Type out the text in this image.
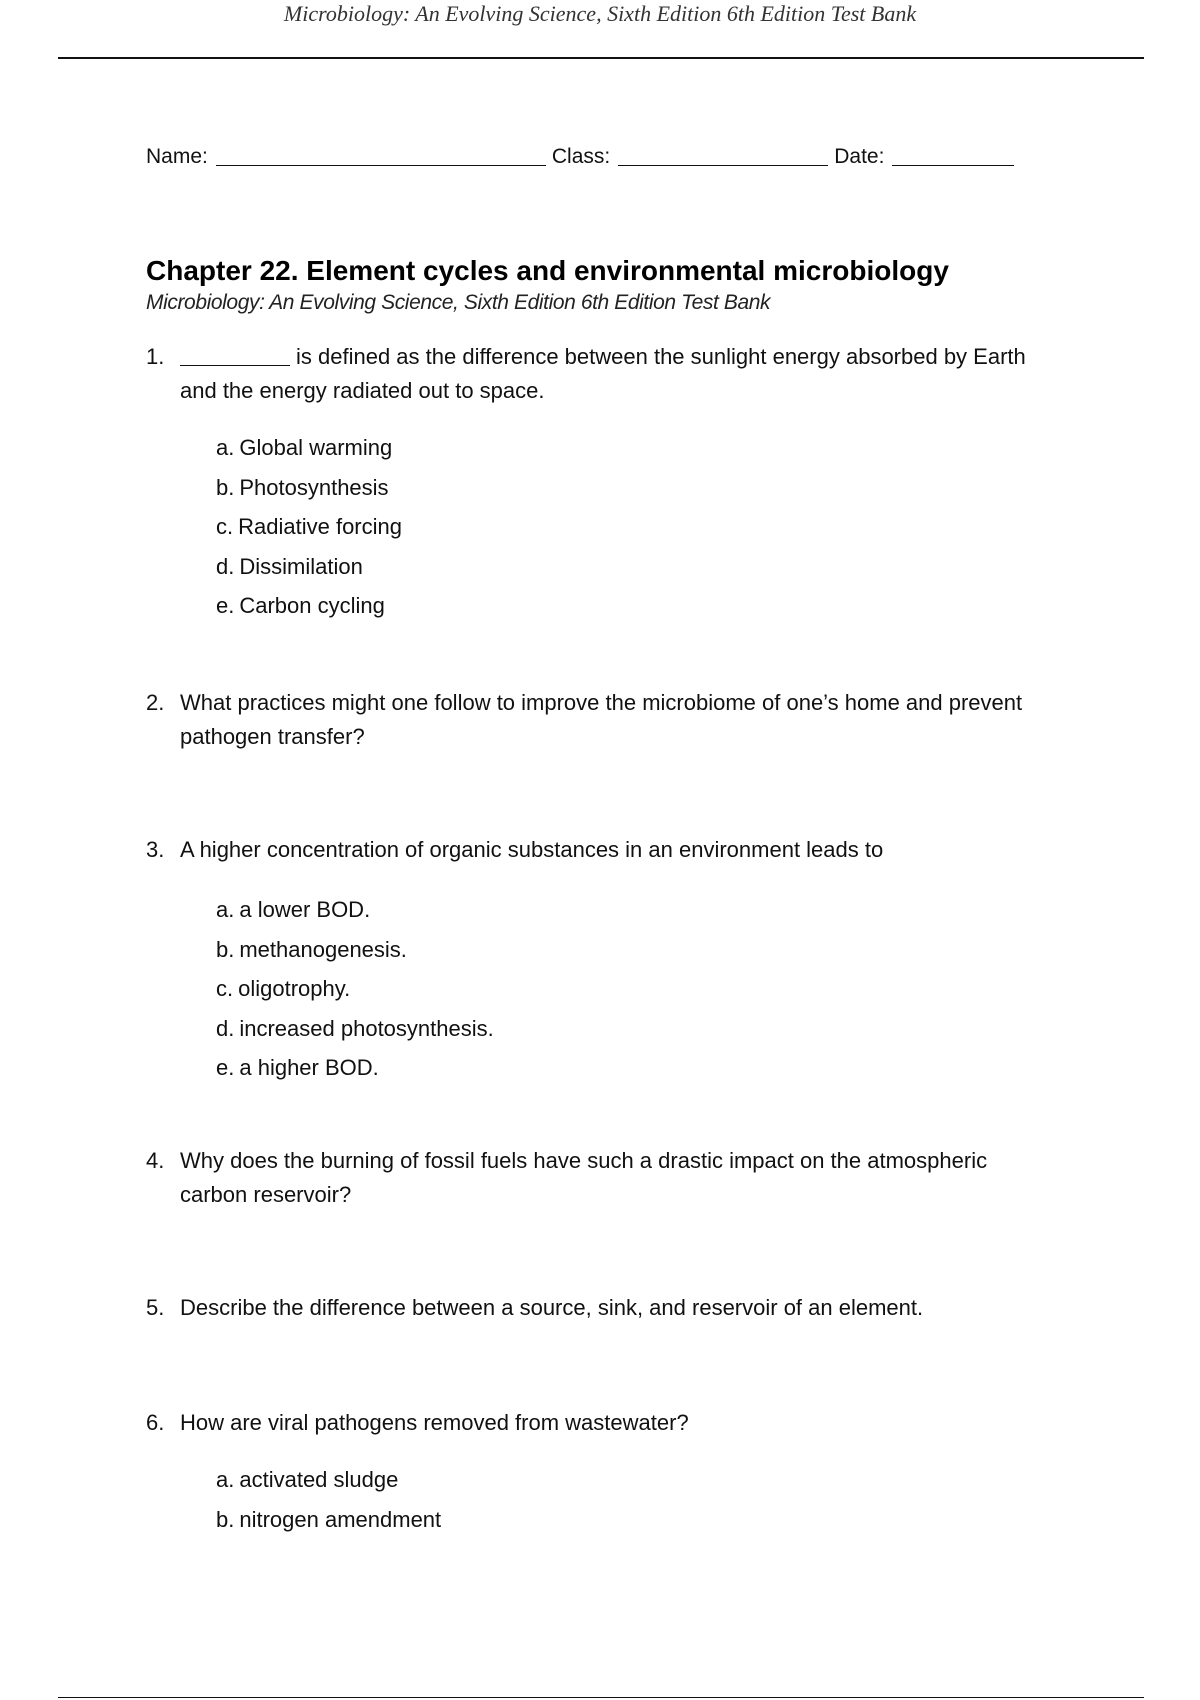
Microbiology: An Evolving Science, Sixth Edition 6th Edition Test Bank
Name:	Class:	Date:
Chapter 22. Element cycles and environmental microbiology
Microbiology: An Evolving Science, Sixth Edition 6th Edition Test Bank
1.	is defined as the difference between the sunlight energy absorbed by Earth and the energy radiated out to space.
a. Global warming
b. Photosynthesis
c. Radiative forcing
d. Dissimilation
e. Carbon cycling
2. What practices might one follow to improve the microbiome of one’s home and prevent pathogen transfer?
3. A higher concentration of organic substances in an environment leads to
a. a lower BOD.
b. methanogenesis.
c. oligotrophy.
d. increased photosynthesis.
e. a higher BOD.
4. Why does the burning of fossil fuels have such a drastic impact on the atmospheric carbon reservoir?
5. Describe the difference between a source, sink, and reservoir of an element.
6. How are viral pathogens removed from wastewater?
a. activated sludge
b. nitrogen amendment
